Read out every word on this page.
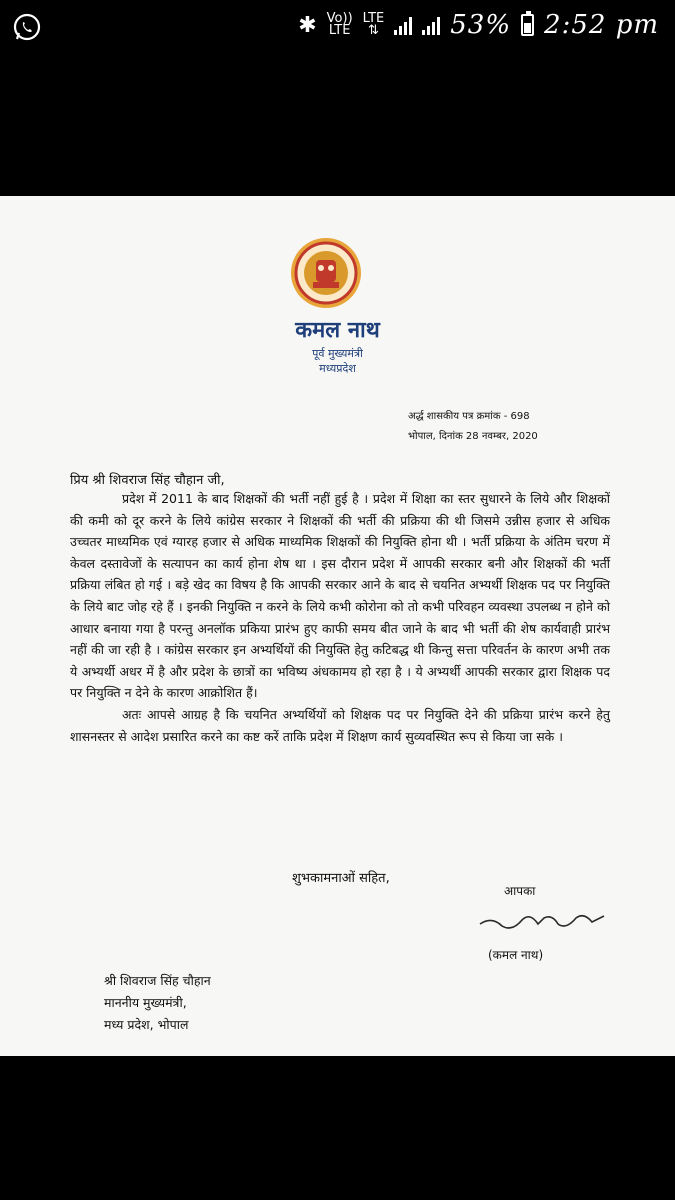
✱ Vo))
LTE
LTE
⇅	53% 2:52 pm
कमल नाथ
पूर्व मुख्यमंत्री
मध्यप्रदेश
अर्द्ध शासकीय पत्र क्रमांक - 698
भोपाल, दिनांक 28 नवम्बर, 2020
प्रिय श्री शिवराज सिंह चौहान जी,

प्रदेश में 2011 के बाद शिक्षकों की भर्ती नहीं हुई है । प्रदेश में शिक्षा का स्तर सुधारने के लिये और शिक्षकों की कमी को दूर करने के लिये कांग्रेस सरकार ने शिक्षकों की भर्ती की प्रक्रिया की थी जिसमे उन्नीस हजार से अधिक उच्चतर माध्यमिक एवं ग्यारह हजार से अधिक माध्यमिक शिक्षकों की नियुक्ति होना थी । भर्ती प्रक्रिया के अंतिम चरण में केवल दस्तावेजों के सत्यापन का कार्य होना शेष था । इस दौरान प्रदेश में आपकी सरकार बनी और शिक्षकों की भर्ती प्रक्रिया लंबित हो गई । बड़े खेद का विषय है कि आपकी सरकार आने के बाद से चयनित अभ्यर्थी शिक्षक पद पर नियुक्ति के लिये बाट जोह रहे हैं । इनकी नियुक्ति न करने के लिये कभी कोरोना को तो कभी परिवहन व्यवस्था उपलब्ध न होने को आधार बनाया गया है परन्तु अनलॉक प्रकिया प्रारंभ हुए काफी समय बीत जाने के बाद भी भर्ती की शेष कार्यवाही प्रारंभ नहीं की जा रही है । कांग्रेस सरकार इन अभ्यर्थियों की नियुक्ति हेतु कटिबद्ध थी किन्तु सत्ता परिवर्तन के कारण अभी तक ये अभ्यर्थी अधर में है और प्रदेश के छात्रों का भविष्य अंधकामय हो रहा है । ये अभ्यर्थी आपकी सरकार द्वारा शिक्षक पद पर नियुक्ति न देने के कारण आक्रोशित हैं।

अतः आपसे आग्रह है कि चयनित अभ्यर्थियों को शिक्षक पद पर नियुक्ति देने की प्रक्रिया प्रारंभ करने हेतु शासनस्तर से आदेश प्रसारित करने का कष्ट करें ताकि प्रदेश में शिक्षण कार्य सुव्यवस्थित रूप से किया जा सके ।

शुभकामनाओं सहित,
आपका
(कमल नाथ)
श्री शिवराज सिंह चौहान
माननीय मुख्यमंत्री,
मध्य प्रदेश, भोपाल
